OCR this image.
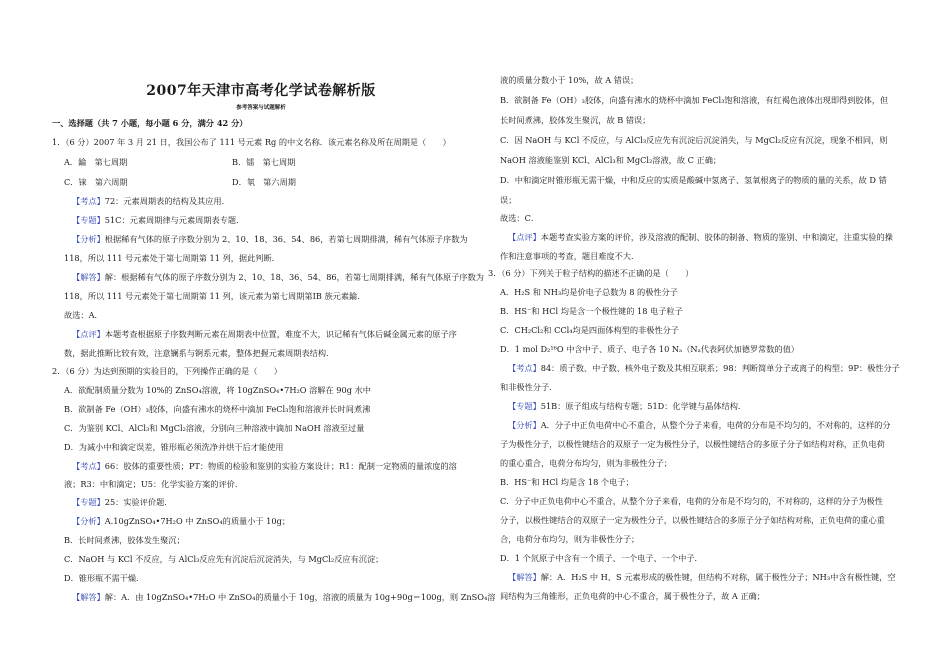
2007年天津市高考化学试卷解析版
参考答案与试题解析
一、选择题（共 7 小题，每小题 6 分，满分 42 分）
1．（6 分）2007 年 3 月 21 日，我国公布了 111 号元素 Rg 的中文名称．该元素名称及所在周期是（　　）
A．錀　第七周期	B．镭　第七周期
C．铼　第六周期	D．氡　第六周期
【考点】72：元素周期表的结构及其应用．
【专题】51C：元素周期律与元素周期表专题．
【分析】根据稀有气体的原子序数分别为 2、10、18、36、54、86，若第七周期排满，稀有气体原子序数为
118，所以 111 号元素处于第七周期第 11 列，据此判断．
【解答】解：根据稀有气体的原子序数分别为 2、10、18、36、54、86，若第七周期排满，稀有气体原子序数为
118，所以 111 号元素处于第七周期第 11 列，该元素为第七周期第ⅠB 族元素錀．
故选：A．
【点评】本题考查根据原子序数判断元素在周期表中位置，难度不大，识记稀有气体后碱金属元素的原子序
数，据此推断比较有效，注意镧系与锕系元素，整体把握元素周期表结构．
2．（6 分）为达到预期的实验目的，下列操作正确的是（　　）
A．欲配制质量分数为 10%的 ZnSO₄溶液，将 10gZnSO₄•7H₂O 溶解在 90g 水中
B．欲制备 Fe（OH）₃胶体，向盛有沸水的烧杯中滴加 FeCl₃饱和溶液并长时间煮沸
C．为鉴别 KCl、AlCl₃和 MgCl₂溶液，分别向三种溶液中滴加 NaOH 溶液至过量
D．为减小中和滴定误差，锥形瓶必须洗净并烘干后才能使用
【考点】66：胶体的重要性质；PT：物质的检验和鉴别的实验方案设计；R1：配制一定物质的量浓度的溶
液；R3：中和滴定；U5：化学实验方案的评价．
【专题】25：实验评价题．
【分析】A.10gZnSO₄•7H₂O 中 ZnSO₄的质量小于 10g；
B．长时间煮沸，胶体发生聚沉；
C．NaOH 与 KCl 不反应，与 AlCl₃反应先有沉淀后沉淀消失，与 MgCl₂反应有沉淀；
D．锥形瓶不需干燥．
【解答】解：A．由 10gZnSO₄•7H₂O 中 ZnSO₄的质量小于 10g，溶液的质量为 10g+90g＝100g，则 ZnSO₄溶
液的质量分数小于 10%，故 A 错误；
B．欲制备 Fe（OH）₃胶体，向盛有沸水的烧杯中滴加 FeCl₃饱和溶液，有红褐色液体出现即得到胶体，但
长时间煮沸，胶体发生聚沉，故 B 错误；
C．因 NaOH 与 KCl 不反应，与 AlCl₃反应先有沉淀后沉淀消失，与 MgCl₂反应有沉淀，现象不相同，则
NaOH 溶液能鉴别 KCl、AlCl₃和 MgCl₂溶液，故 C 正确；
D．中和滴定时锥形瓶无需干燥，中和反应的实质是酸碱中氢离子、氢氧根离子的物质的量的关系，故 D 错
误；
故选：C．
【点评】本题考查实验方案的评价，涉及溶液的配制、胶体的制备、物质的鉴别、中和滴定，注重实验的操
作和注意事项的考查，题目难度不大．
3．（6 分）下列关于粒子结构的描述不正确的是（　　）
A．H₂S 和 NH₃均是价电子总数为 8 的极性分子
B．HS⁻和 HCl 均是含一个极性键的 18 电子粒子
C．CH₂Cl₂和 CCl₄均是四面体构型的非极性分子
D．1 mol D₂¹⁶O 中含中子、质子、电子各 10 Nₐ（Nₐ代表阿伏加德罗常数的值）
【考点】84：质子数、中子数、核外电子数及其相互联系；98：判断简单分子或离子的构型；9P：极性分子
和非极性分子．
【专题】51B：原子组成与结构专题；51D：化学键与晶体结构．
【分析】A．分子中正负电荷中心不重合，从整个分子来看，电荷的分布是不均匀的，不对称的，这样的分
子为极性分子，以极性键结合的双原子一定为极性分子，以极性键结合的多原子分子如结构对称，正负电荷
的重心重合，电荷分布均匀，则为非极性分子；
B．HS⁻和 HCl 均是含 18 个电子；
C．分子中正负电荷中心不重合，从整个分子来看，电荷的分布是不均匀的，不对称的，这样的分子为极性
分子，以极性键结合的双原子一定为极性分子，以极性键结合的多原子分子如结构对称，正负电荷的重心重
合，电荷分布均匀，则为非极性分子；
D．1 个氘原子中含有一个质子、一个电子、一个中子．
【解答】解：A．H₂S 中 H、S 元素形成的极性键，但结构不对称，属于极性分子；NH₃中含有极性键，空
间结构为三角锥形，正负电荷的中心不重合，属于极性分子，故 A 正确；
